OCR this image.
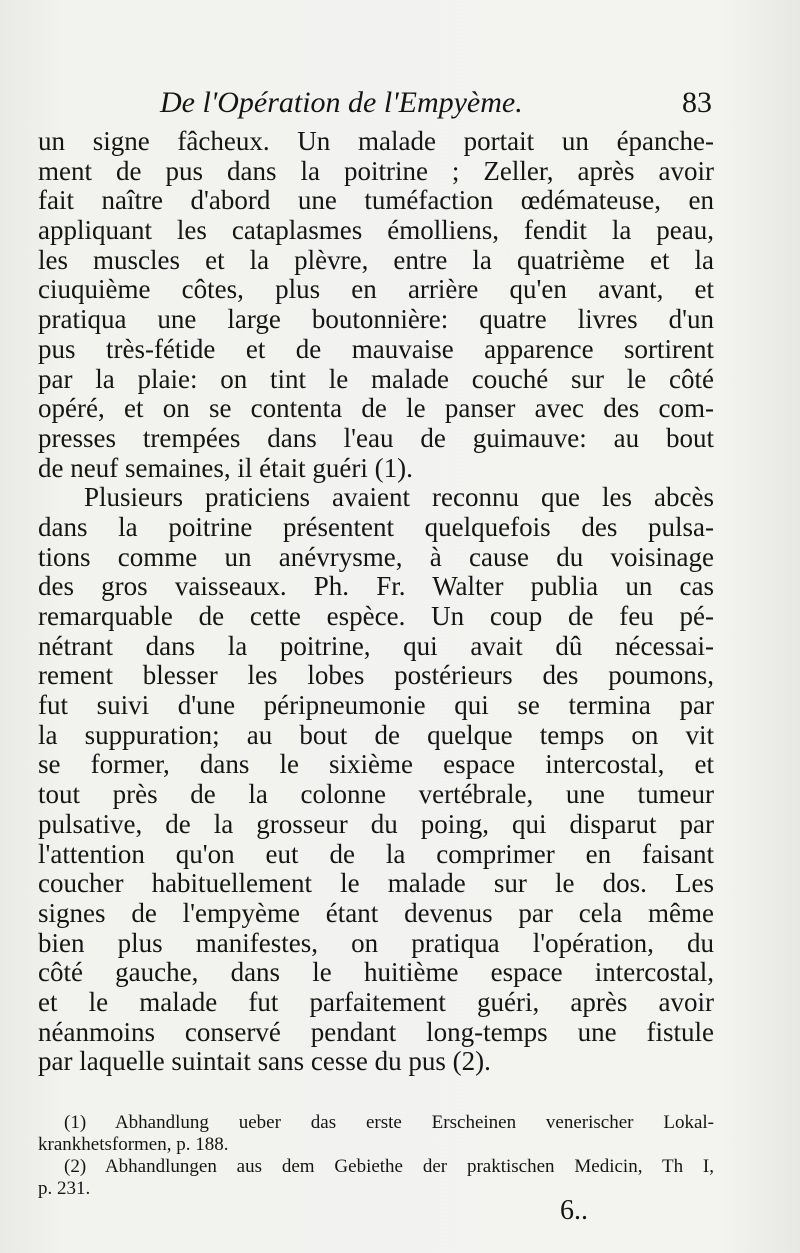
De l'Opération de l'Empyème.	83
un signe fâcheux. Un malade portait un épanche-
ment de pus dans la poitrine ; Zeller, après avoir
fait naître d'abord une tuméfaction œdémateuse, en
appliquant les cataplasmes émolliens, fendit la peau,
les muscles et la plèvre, entre la quatrième et la
ciuquième côtes, plus en arrière qu'en avant, et
pratiqua une large boutonnière: quatre livres d'un
pus très-fétide et de mauvaise apparence sortirent
par la plaie: on tint le malade couché sur le côté
opéré, et on se contenta de le panser avec des com-
presses trempées dans l'eau de guimauve: au bout
de neuf semaines, il était guéri (1).
Plusieurs praticiens avaient reconnu que les abcès
dans la poitrine présentent quelquefois des pulsa-
tions comme un anévrysme, à cause du voisinage
des gros vaisseaux. Ph. Fr. Walter publia un cas
remarquable de cette espèce. Un coup de feu pé-
nétrant dans la poitrine, qui avait dû nécessai-
rement blesser les lobes postérieurs des poumons,
fut suivi d'une péripneumonie qui se termina par
la suppuration; au bout de quelque temps on vit
se former, dans le sixième espace intercostal, et
tout près de la colonne vertébrale, une tumeur
pulsative, de la grosseur du poing, qui disparut par
l'attention qu'on eut de la comprimer en faisant
coucher habituellement le malade sur le dos. Les
signes de l'empyème étant devenus par cela même
bien plus manifestes, on pratiqua l'opération, du
côté gauche, dans le huitième espace intercostal,
et le malade fut parfaitement guéri, après avoir
néanmoins conservé pendant long-temps une fistule
par laquelle suintait sans cesse du pus (2).
(1) Abhandlung ueber das erste Erscheinen venerischer Lokal-
krankhetsformen, p. 188.
(2) Abhandlungen aus dem Gebiethe der praktischen Medicin, Th I,
p. 231.
6..
